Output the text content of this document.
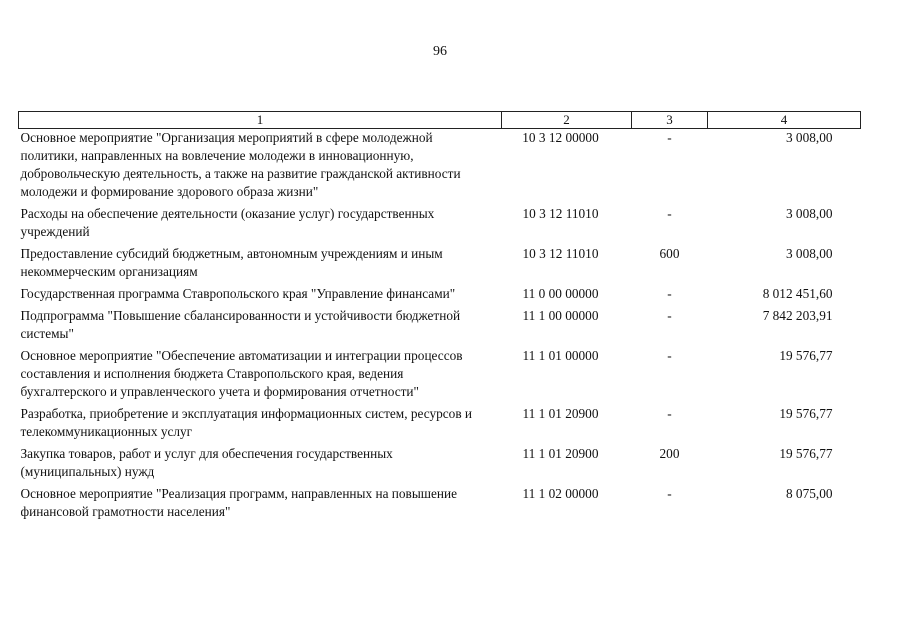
96
1	2	3	4
Основное мероприятие "Организация мероприятий в сфере молодежной политики, направленных на вовлечение молодежи в инновационную, добровольческую деятельность, а также на развитие гражданской активности молодежи и формирование здорового образа жизни"	10 3 12 00000	-	3 008,00
Расходы на обеспечение деятельности (оказание услуг) государственных учреждений	10 3 12 11010	-	3 008,00
Предоставление субсидий бюджетным, автономным учреждениям и иным некоммерческим организациям	10 3 12 11010	600	3 008,00
Государственная программа Ставропольского края "Управление финансами"	11 0 00 00000	-	8 012 451,60
Подпрограмма "Повышение сбалансированности и устойчивости бюджетной системы"	11 1 00 00000	-	7 842 203,91
Основное мероприятие "Обеспечение автоматизации и интеграции процессов составления и исполнения бюджета Ставропольского края, ведения бухгалтерского и управленческого учета и формирования отчетности"	11 1 01 00000	-	19 576,77
Разработка, приобретение и эксплуатация информационных систем, ресурсов и телекоммуникационных услуг	11 1 01 20900	-	19 576,77
Закупка товаров, работ и услуг для обеспечения государственных (муниципальных) нужд	11 1 01 20900	200	19 576,77
Основное мероприятие "Реализация программ, направленных на повышение финансовой грамотности населения"	11 1 02 00000	-	8 075,00
